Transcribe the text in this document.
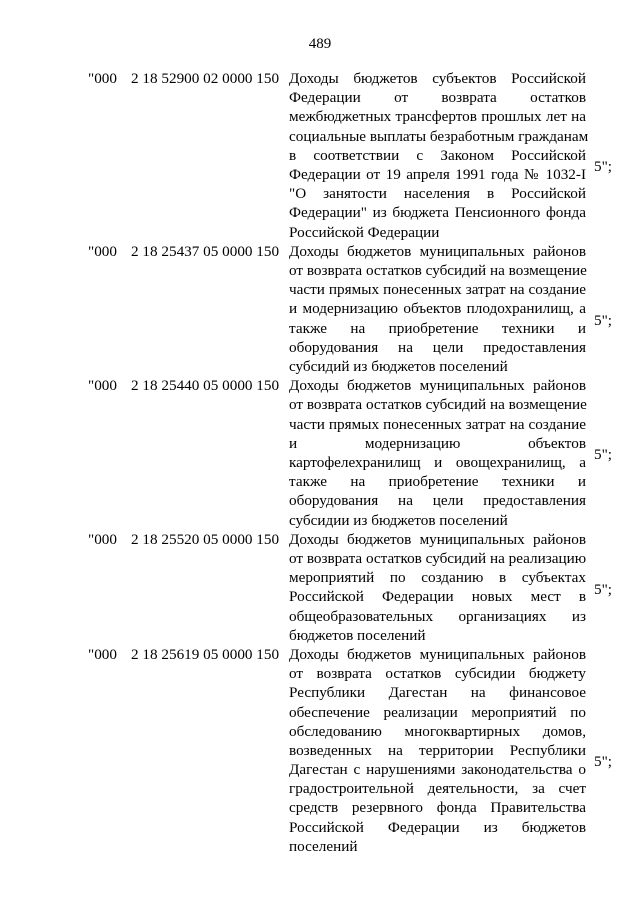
489
"000 2 18 52900 02 0000 150 Доходы бюджетов субъектов Российской
Федерации от возврата остатков
межбюджетных трансфертов прошлых лет на
социальные выплаты безработным гражданам
в соответствии с Законом Российской
Федерации от 19 апреля 1991 года № 1032-I
"О занятости населения в Российской
Федерации" из бюджета Пенсионного фонда
Российской Федерации
5";
"000 2 18 25437 05 0000 150 Доходы бюджетов муниципальных районов
от возврата остатков субсидий на возмещение
части прямых понесенных затрат на создание
и модернизацию объектов плодохранилищ, а
также на приобретение техники и
оборудования на цели предоставления
субсидий из бюджетов поселений
5";
"000 2 18 25440 05 0000 150 Доходы бюджетов муниципальных районов
от возврата остатков субсидий на возмещение
части прямых понесенных затрат на создание
и модернизацию объектов
картофелехранилищ и овощехранилищ, а
также на приобретение техники и
оборудования на цели предоставления
субсидии из бюджетов поселений
5";
"000 2 18 25520 05 0000 150 Доходы бюджетов муниципальных районов
от возврата остатков субсидий на реализацию
мероприятий по созданию в субъектах
Российской Федерации новых мест в
общеобразовательных организациях из
бюджетов поселений
5";
"000 2 18 25619 05 0000 150 Доходы бюджетов муниципальных районов
от возврата остатков субсидии бюджету
Республики Дагестан на финансовое
обеспечение реализации мероприятий по
обследованию многоквартирных домов,
возведенных на территории Республики
Дагестан с нарушениями законодательства о
градостроительной деятельности, за счет
средств резервного фонда Правительства
Российской Федерации из бюджетов
поселений
5";
